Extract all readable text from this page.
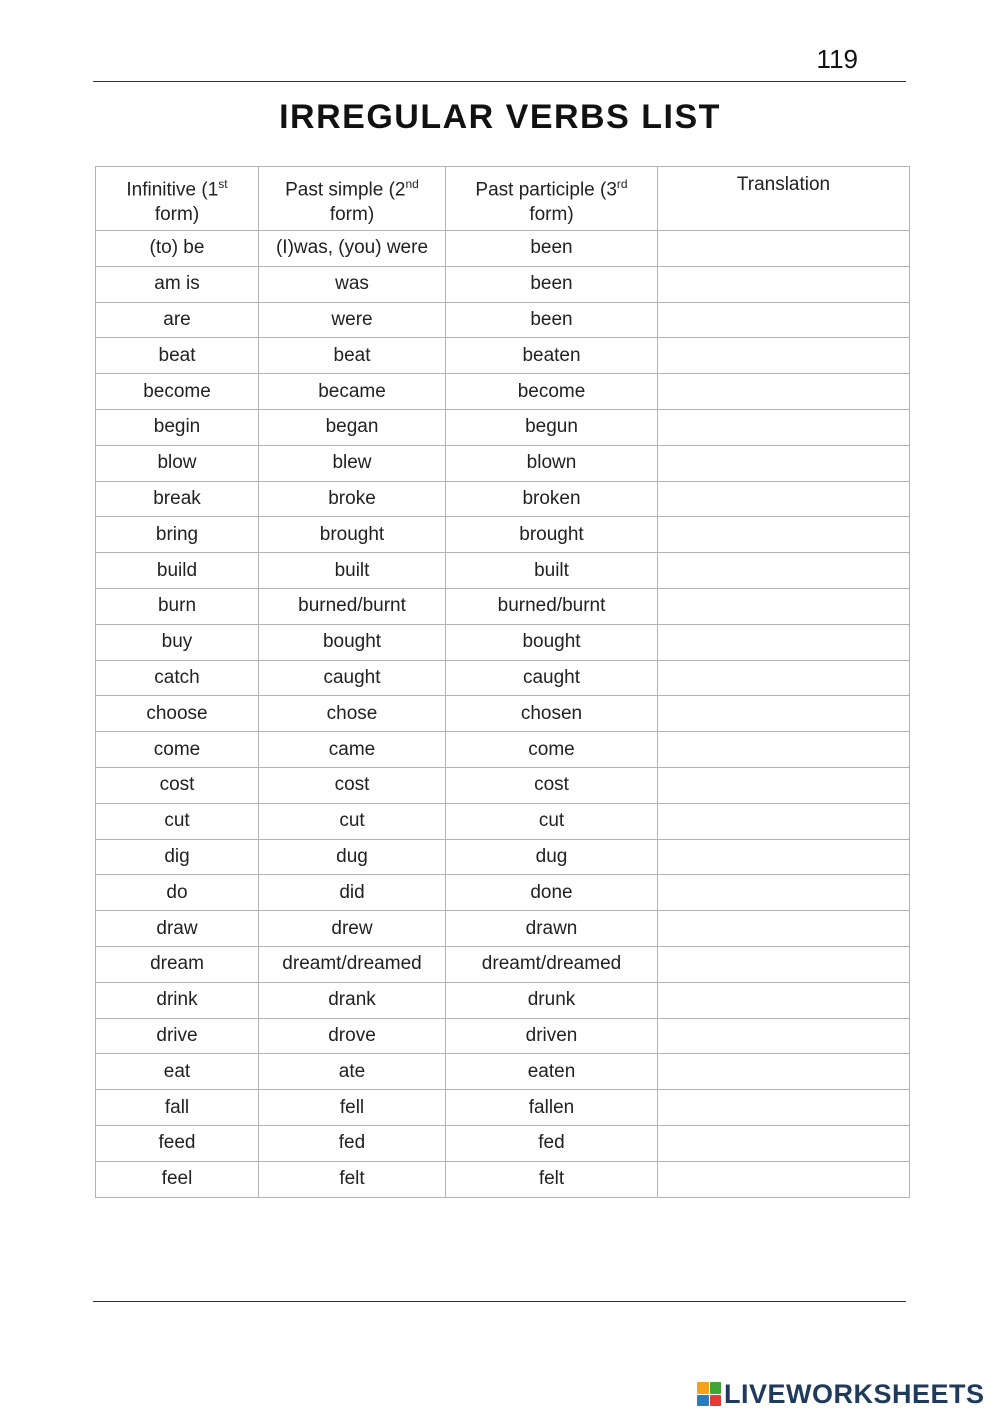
119
IRREGULAR VERBS LIST
Infinitive (1st
form)	Past simple (2nd
form)	Past participle (3rd
form)	Translation
(to) be	(I)was, (you) were	been	
am is	was	been	
are	were	been	
beat	beat	beaten	
become	became	become	
begin	began	begun	
blow	blew	blown	
break	broke	broken	
bring	brought	brought	
build	built	built	
burn	burned/burnt	burned/burnt	
buy	bought	bought	
catch	caught	caught	
choose	chose	chosen	
come	came	come	
cost	cost	cost	
cut	cut	cut	
dig	dug	dug	
do	did	done	
draw	drew	drawn	
dream	dreamt/dreamed	dreamt/dreamed	
drink	drank	drunk	
drive	drove	driven	
eat	ate	eaten	
fall	fell	fallen	
feed	fed	fed	
feel	felt	felt	
LIVEWORKSHEETS
